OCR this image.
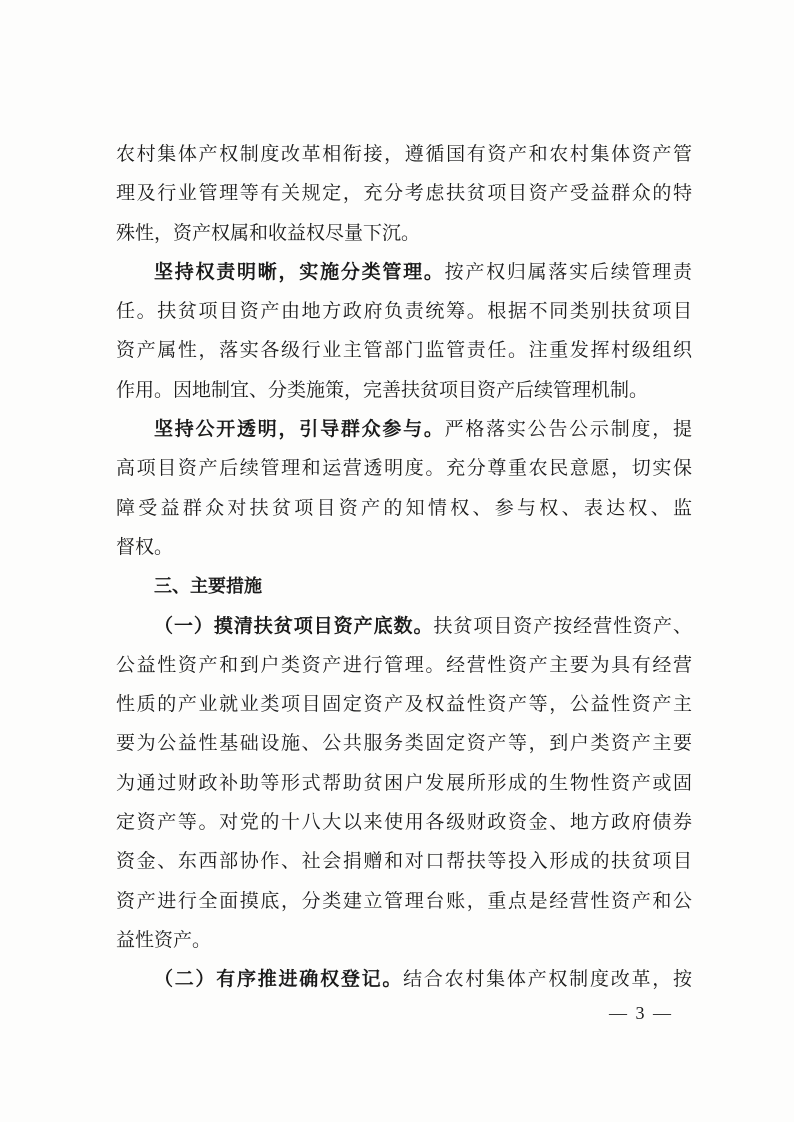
农村集体产权制度改革相衔接，遵循国有资产和农村集体资产管
理及行业管理等有关规定，充分考虑扶贫项目资产受益群众的特
殊性，资产权属和收益权尽量下沉。
坚持权责明晰，实施分类管理。按产权归属落实后续管理责
任。扶贫项目资产由地方政府负责统筹。根据不同类别扶贫项目
资产属性，落实各级行业主管部门监管责任。注重发挥村级组织
作用。因地制宜、分类施策，完善扶贫项目资产后续管理机制。
坚持公开透明，引导群众参与。严格落实公告公示制度，提
高项目资产后续管理和运营透明度。充分尊重农民意愿，切实保
障受益群众对扶贫项目资产的知情权、参与权、表达权、监
督权。
三、主要措施
（一）摸清扶贫项目资产底数。扶贫项目资产按经营性资产、
公益性资产和到户类资产进行管理。经营性资产主要为具有经营
性质的产业就业类项目固定资产及权益性资产等，公益性资产主
要为公益性基础设施、公共服务类固定资产等，到户类资产主要
为通过财政补助等形式帮助贫困户发展所形成的生物性资产或固
定资产等。对党的十八大以来使用各级财政资金、地方政府债券
资金、东西部协作、社会捐赠和对口帮扶等投入形成的扶贫项目
资产进行全面摸底，分类建立管理台账，重点是经营性资产和公
益性资产。
（二）有序推进确权登记。结合农村集体产权制度改革，按
— 3 —
